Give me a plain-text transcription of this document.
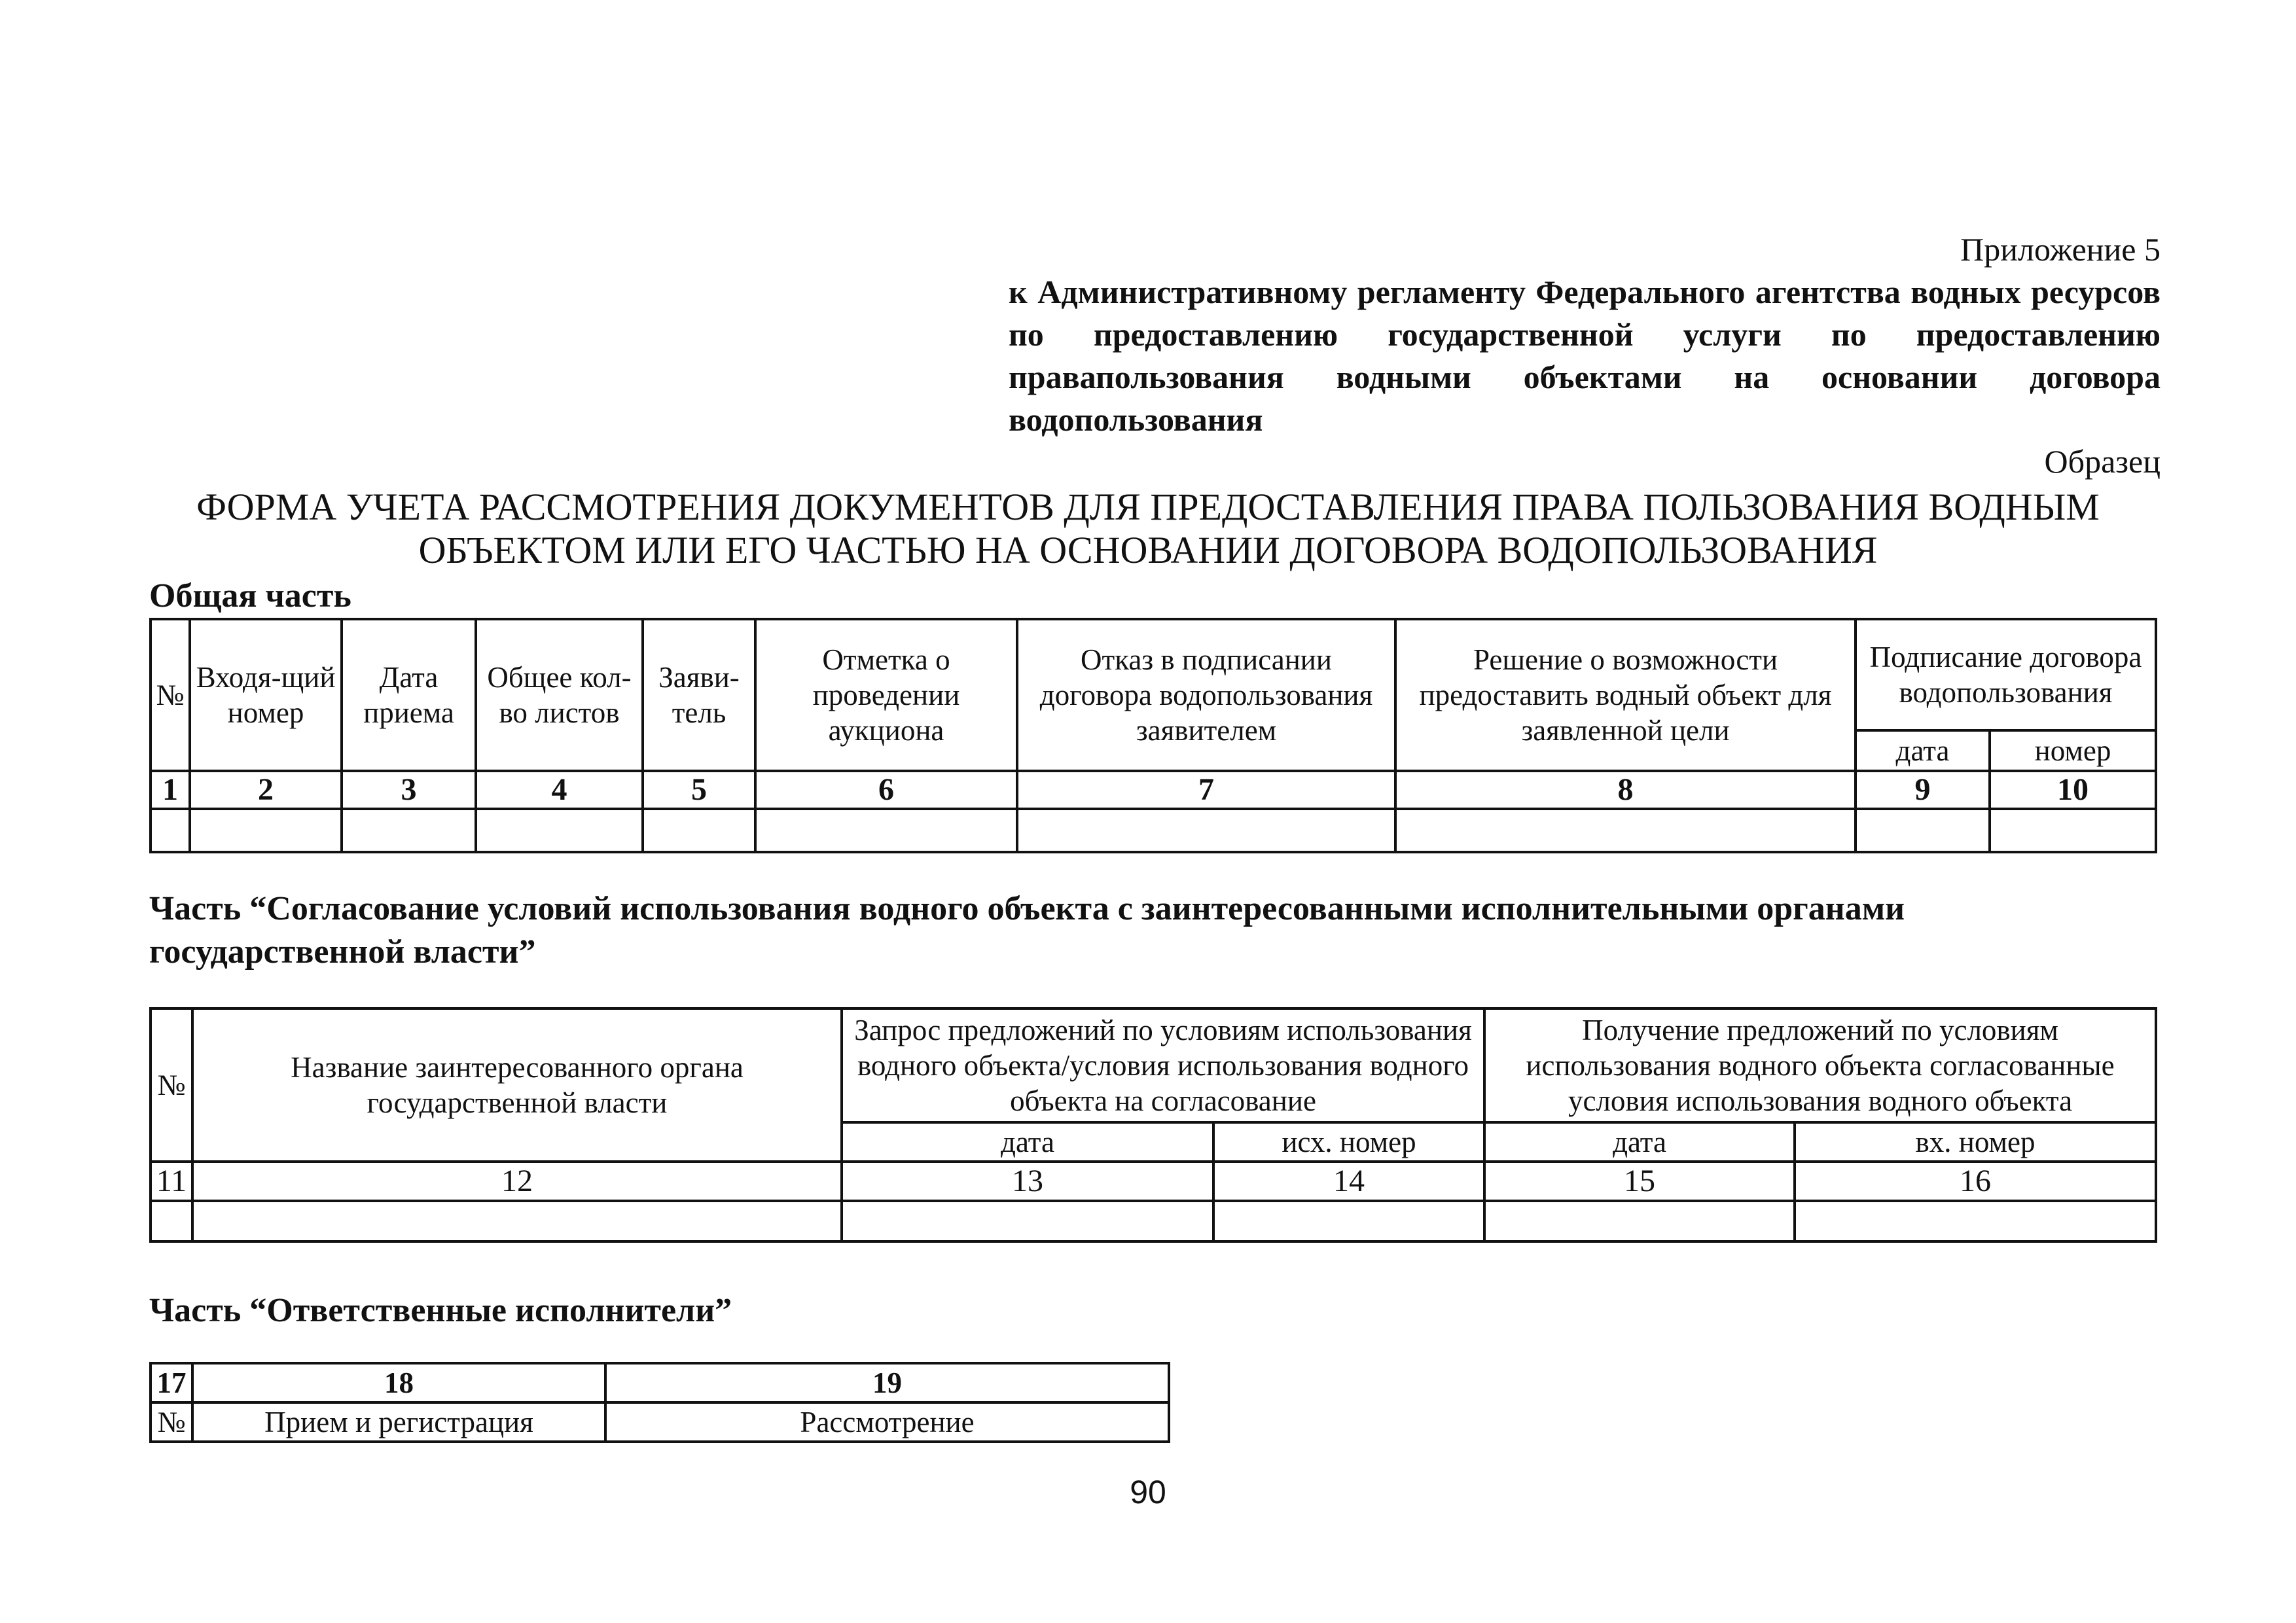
Приложение 5
к Административному регламенту Федерального агентства водных ресурсов по предоставлению государственной услуги по предоставлению правапользования водными объектами на основании договора водопользования
Образец
ФОРМА УЧЕТА РАССМОТРЕНИЯ ДОКУМЕНТОВ ДЛЯ ПРЕДОСТАВЛЕНИЯ ПРАВА ПОЛЬЗОВАНИЯ ВОДНЫМ
ОБЪЕКТОМ ИЛИ ЕГО ЧАСТЬЮ НА ОСНОВАНИИ ДОГОВОРА ВОДОПОЛЬЗОВАНИЯ
Общая часть
№	Входя-щий номер	Дата приема	Общее кол-во листов	Заяви-тель	Отметка о проведении аукциона	Отказ в подписании договора водопользования заявителем	Решение о возможности предоставить водный объект для заявленной цели	Подписание договора водопользования	
								дата	номер
1	2	3	4	5	6	7	8	9	10

Часть “Согласование условий использования водного объекта с заинтересованными исполнительными органами государственной власти”
№	Название заинтересованного органа государственной власти	Запрос предложений по условиям использования водного объекта/условия использования водного объекта на согласование		Получение предложений по условиям использования водного объекта согласованные условия использования водного объекта	
		дата	исх. номер	дата	вх. номер
11	12	13	14	15	16

Часть “Ответственные исполнители”
17	18	19
№	Прием и регистрация	Рассмотрение
90
